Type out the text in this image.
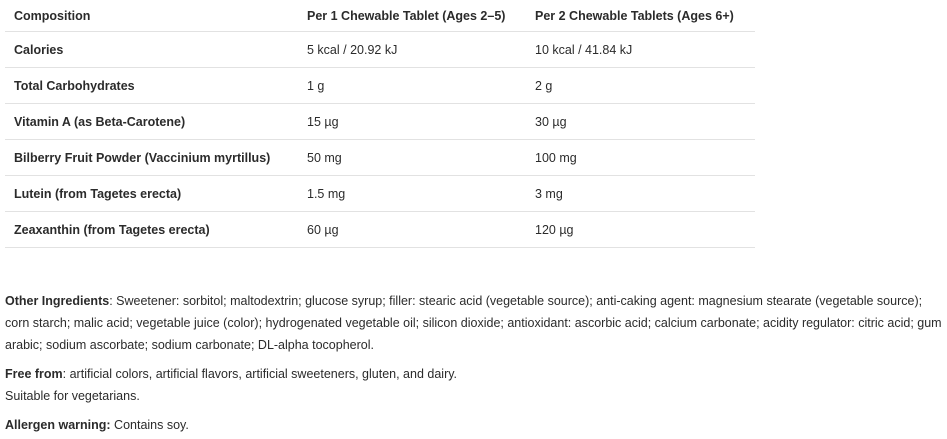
Composition	Per 1 Chewable Tablet (Ages 2–5)	Per 2 Chewable Tablets (Ages 6+)
Calories	5 kcal / 20.92 kJ	10 kcal / 41.84 kJ
Total Carbohydrates	1 g	2 g
Vitamin A (as Beta-Carotene)	15 µg	30 µg
Bilberry Fruit Powder (Vaccinium myrtillus)	50 mg	100 mg
Lutein (from Tagetes erecta)	1.5 mg	3 mg
Zeaxanthin (from Tagetes erecta)	60 µg	120 µg

Other Ingredients: Sweetener: sorbitol; maltodextrin; glucose syrup; filler: stearic acid (vegetable source); anti-caking agent: magnesium stearate (vegetable source); corn starch; malic acid; vegetable juice (color); hydrogenated vegetable oil; silicon dioxide; antioxidant: ascorbic acid; calcium carbonate; acidity regulator: citric acid; gum arabic; sodium ascorbate; sodium carbonate; DL-alpha tocopherol.

Free from: artificial colors, artificial flavors, artificial sweeteners, gluten, and dairy.

Suitable for vegetarians.

Allergen warning: Contains soy.
